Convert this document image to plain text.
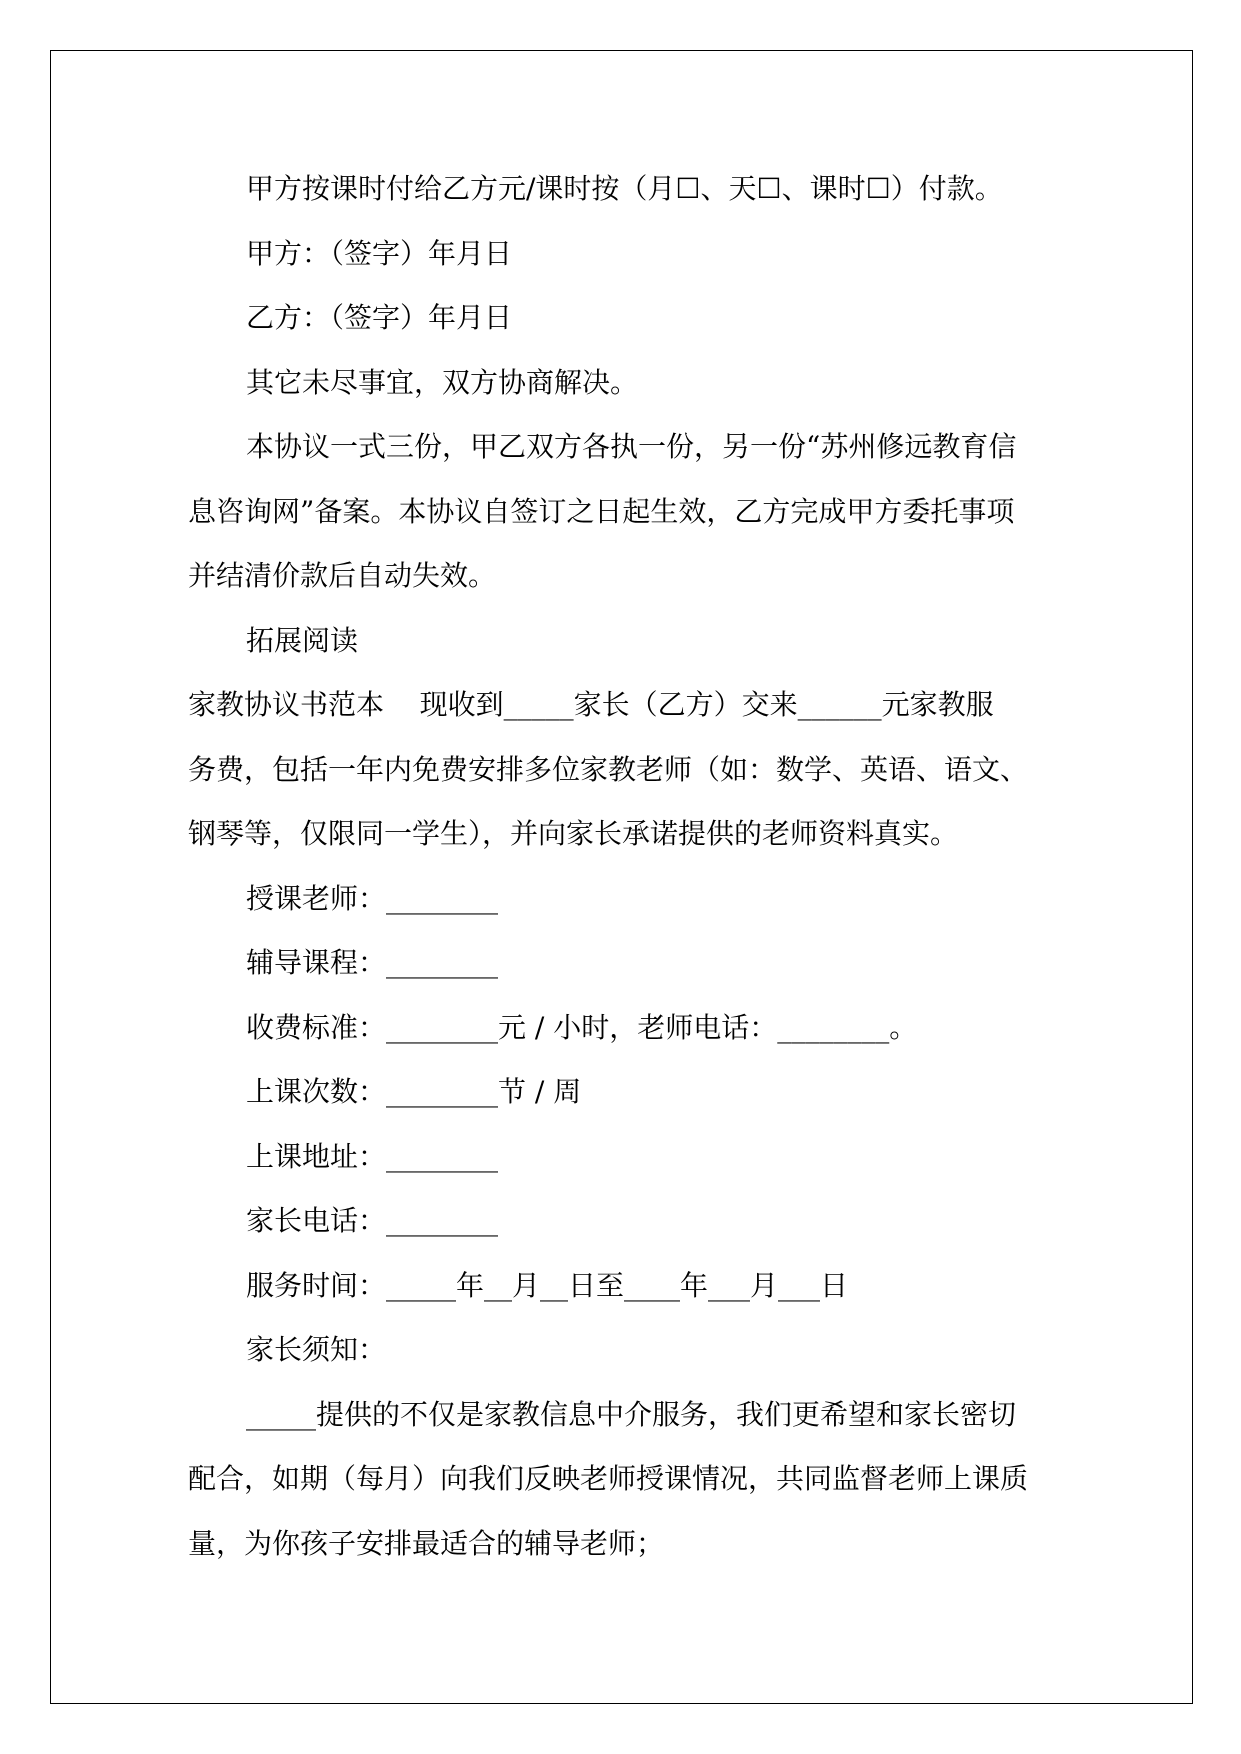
甲方按课时付给乙方元/课时按（月☐、天☐、课时☐）付款。

甲方：（签字）年月日

乙方：（签字）年月日

其它未尽事宜，双方协商解决。

本协议一式三份，甲乙双方各执一份，另一份“苏州修远教育信

息咨询网”备案。本协议自签订之日起生效，乙方完成甲方委托事项

并结清价款后自动失效。

拓展阅读

家教协议书范本    现收到_____家长（乙方）交来______元家教服

务费，包括一年内免费安排多位家教老师（如：数学、英语、语文、

钢琴等，仅限同一学生），并向家长承诺提供的老师资料真实。

授课老师：________

辅导课程：________

收费标准：________元 / 小时，老师电话：________。

上课次数：________节 / 周

上课地址：________

家长电话：________

服务时间：_____年__月__日至____年___月___日

家长须知：

_____提供的不仅是家教信息中介服务，我们更希望和家长密切

配合，如期（每月）向我们反映老师授课情况，共同监督老师上课质

量，为你孩子安排最适合的辅导老师；
